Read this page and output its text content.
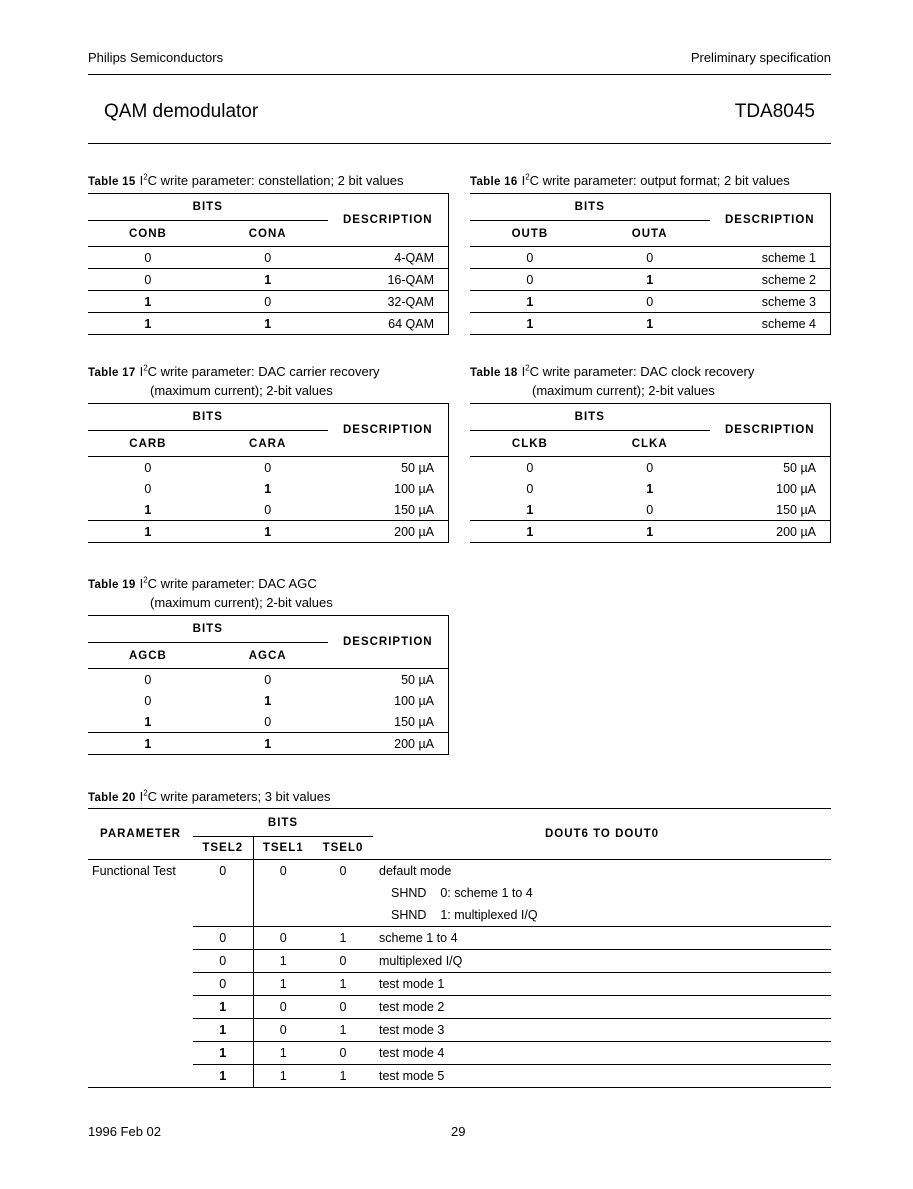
Philips Semiconductors	Preliminary specification
QAM demodulator	TDA8045
Table 15 $I^2C$ write parameter: constellation; 2 bit values	Table 16 $I^2C$ write parameter: output format; 2 bit values
Table 17 $I^2C$ write parameter: DAC carrier recovery
(maximum current); 2-bit values
Table 18 $I^2C$ write parameter: DAC clock recovery
(maximum current); 2-bit values
Table 19 $I^2C$ write parameter: DAC AGC
(maximum current); 2-bit values
BITS		DESCRIPTION
CONB	CONA	
0	0	4-QAM
0	1	16-QAM
1	0	32-QAM
1	1	64 QAM
BITS		DESCRIPTION
OUTB	OUTA	
0	0	scheme 1
0	1	scheme 2
1	0	scheme 3
1	1	scheme 4
BITS		DESCRIPTION
CARB	CARA	
0	0	50 µA
0	1	100 µA
1	0	150 µA
1	1	200 µA
BITS		DESCRIPTION
CLKB	CLKA	
0	0	50 µA
0	1	100 µA
1	0	150 µA
1	1	200 µA
BITS		DESCRIPTION
AGCB	AGCA	
0	0	50 µA
0	1	100 µA
1	0	150 µA
1	1	200 µA
Table 20 $I^2C$ write parameters; 3 bit values
PARAMETER	BITS			DOUT6 TO DOUT0
	TSEL2	TSEL1	TSEL0	
Functional Test	0	0	0	default mode
				SHND 0: scheme 1 to 4
				SHND 1: multiplexed I/Q
	0	0	1	scheme 1 to 4
	0	1	0	multiplexed I/Q
	0	1	1	test mode 1
	1	0	0	test mode 2
	1	0	1	test mode 3
	1	1	0	test mode 4
	1	1	1	test mode 5
1996 Feb 02	29
